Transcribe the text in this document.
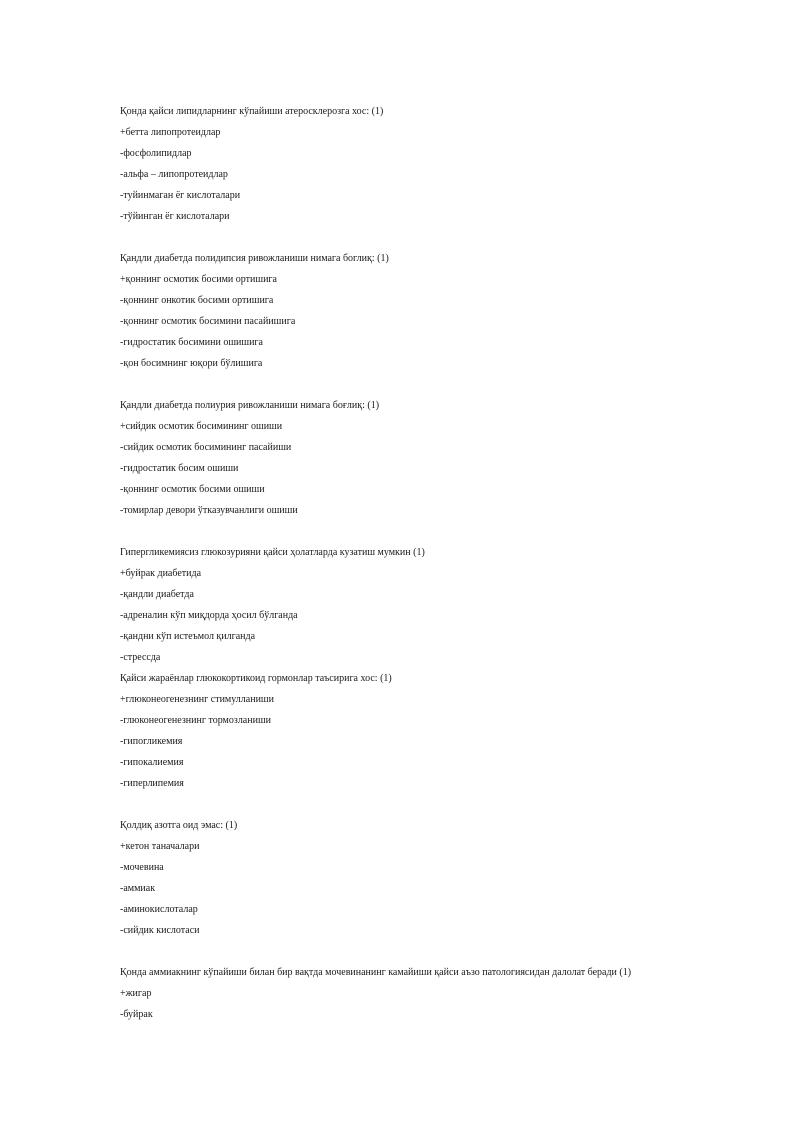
Қонда қайси липидларнинг кўпайиши атеросклерозга хос: (1)
+бетта липопротеидлар
-фосфолипидлар
-альфа – липопротеидлар
-туйинмаган ёг кислоталари
-тўйинган ёг кислоталари
Қандли диабетда полидипсия ривожланиши нимага боглиқ: (1)
+қоннинг осмотик босими ортишига
-қоннинг онкотик босими ортишига
-қоннинг осмотик босимини пасайишига
-гидростатик босимини ошишига
-қон босимнинг юқори бўлишига
Қандли диабетда полиурия ривожланиши нимага боғлиқ: (1)
+сийдик осмотик босимининг ошиши
-сийдик осмотик босимининг пасайиши
-гидростатик босим ошиши
-қоннинг осмотик босими ошиши
-томирлар девори ўтказувчанлиги ошиши
Гипергликемиясиз глюкозурияни қайси ҳолатларда кузатиш мумкин (1)
+буйрак диабетида
-қандли диабетда
-адреналин кўп миқдорда ҳосил бўлганда
-қандни кўп истеъмол қилганда
-стрессда
Қайси жараёнлар глюкокортикоид гормонлар таъсирига хос: (1)
+глюконеогенезнинг стимулланиши
-глюконеогенезнинг тормозланиши
-гипогликемия
-гипокалиемия
-гиперлипемия
Қолдиқ азотга оид эмас: (1)
+кетон таначалари
-мочевина
-аммиак
-аминокислоталар
-сийдик кислотаси
Қонда аммиакнинг кўпайиши билан бир вақтда мочевинанинг камайиши қайси аъзо патологиясидан далолат беради (1)
+жигар
-буйрак
